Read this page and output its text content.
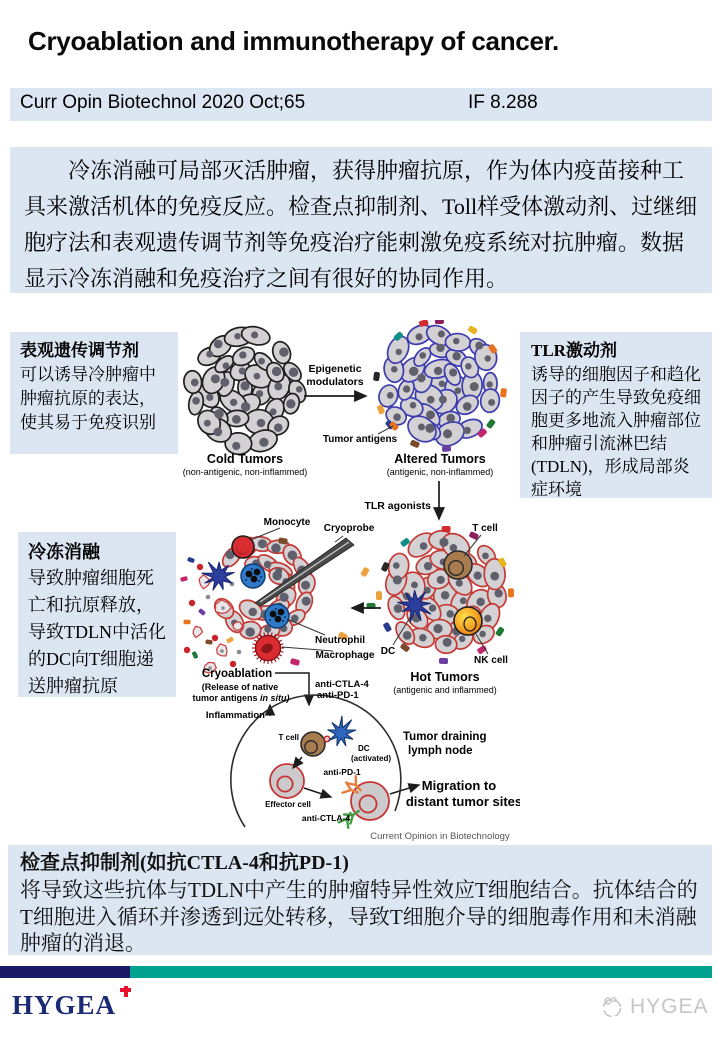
Cryoablation and immunotherapy of cancer.
Curr Opin Biotechnol 2020 Oct;65	IF 8.288

冷冻消融可局部灭活肿瘤，获得肿瘤抗原，作为体内疫苗接种工具来激活机体的免疫反应。检查点抑制剂、Toll样受体激动剂、过继细胞疗法和表观遗传调节剂等免疫治疗能刺激免疫系统对抗肿瘤。数据显示冷冻消融和免疫治疗之间有很好的协同作用。

表观遗传调节剂

可以诱导冷肿瘤中肿瘤抗原的表达，使其易于免疫识别

TLR激动剂

诱导的细胞因子和趋化因子的产生导致免疫细胞更多地流入肿瘤部位和肿瘤引流淋巴结(TDLN)，形成局部炎症环境

冷冻消融

导致肿瘤细胞死亡和抗原释放，导致TDLN中活化的DC向T细胞递送肿瘤抗原

Epigenetic
modulators
Cold Tumors
(non-antigenic, non-inflammed)
Altered Tumors
(antigenic, non-inflammed)
Tumor antigens
TLR agonists
T cell
Hot Tumors
(antigenic and inflammed)
DC
NK cell
Monocyte
Cryoprobe
Neutrophil
Macrophage
Cryoablation
(Release of native
tumor antigens in situ)
Inflammation
anti-CTLA-4
anti-PD-1
Tumor draining
lymph node
T cell
DC
(activated)
Effector cell
anti-PD-1
anti-CTLA-4
Migration to
distant tumor sites
Current Opinion in Biotechnology
检查点抑制剂(如抗CTLA-4和抗PD-1)

将导致这些抗体与TDLN中产生的肿瘤特异性效应T细胞结合。抗体结合的T细胞进入循环并渗透到远处转移，导致T细胞介导的细胞毒作用和未消融肿瘤的消退。

HYGEA	HYGEA
